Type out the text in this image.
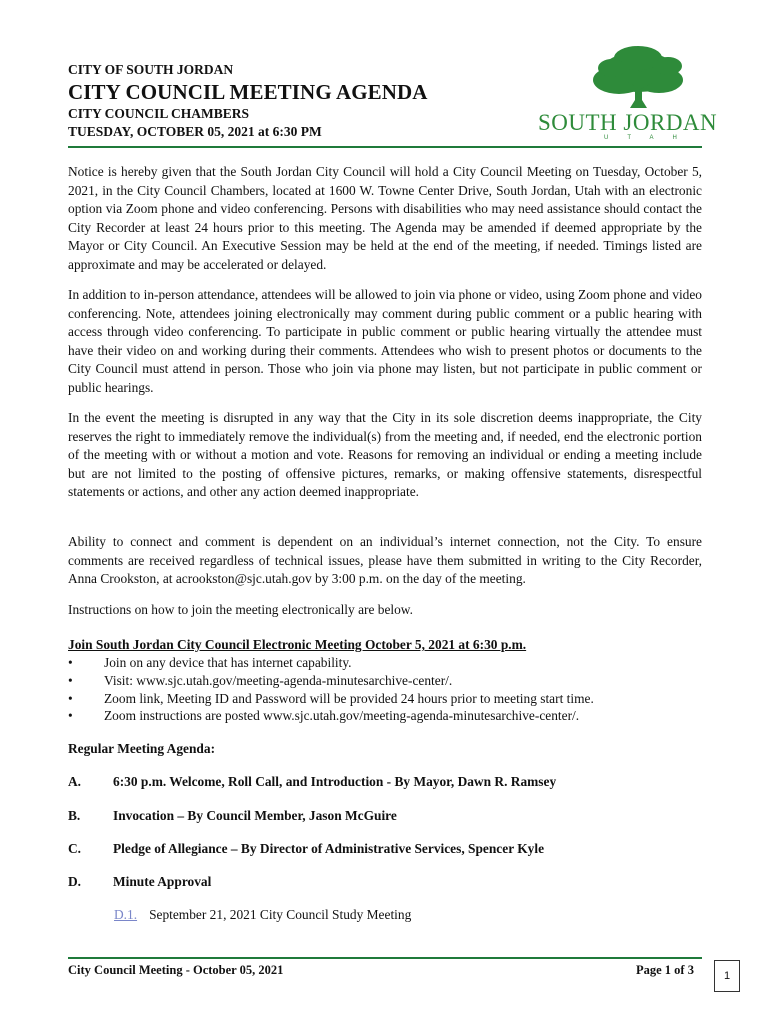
CITY OF SOUTH JORDAN
CITY COUNCIL MEETING AGENDA
CITY COUNCIL CHAMBERS
TUESDAY, OCTOBER 05, 2021 at 6:30 PM	SOUTH JORDAN
UTAH
Notice is hereby given that the South Jordan City Council will hold a City Council Meeting on Tuesday, October 5, 2021, in the City Council Chambers, located at 1600 W. Towne Center Drive, South Jordan, Utah with an electronic option via Zoom phone and video conferencing. Persons with disabilities who may need assistance should contact the City Recorder at least 24 hours prior to this meeting. The Agenda may be amended if deemed appropriate by the Mayor or City Council. An Executive Session may be held at the end of the meeting, if needed. Timings listed are approximate and may be accelerated or delayed.
In addition to in-person attendance, attendees will be allowed to join via phone or video, using Zoom phone and video conferencing. Note, attendees joining electronically may comment during public comment or a public hearing with access through video conferencing. To participate in public comment or public hearing virtually the attendee must have their video on and working during their comments. Attendees who wish to present photos or documents to the City Council must attend in person. Those who join via phone may listen, but not participate in public comment or public hearings.
In the event the meeting is disrupted in any way that the City in its sole discretion deems inappropriate, the City reserves the right to immediately remove the individual(s) from the meeting and, if needed, end the electronic portion of the meeting with or without a motion and vote. Reasons for removing an individual or ending a meeting include but are not limited to the posting of offensive pictures, remarks, or making offensive statements, disrespectful statements or actions, and other any action deemed inappropriate.
Ability to connect and comment is dependent on an individual’s internet connection, not the City. To ensure comments are received regardless of technical issues, please have them submitted in writing to the City Recorder, Anna Crookston, at acrookston@sjc.utah.gov by 3:00 p.m. on the day of the meeting.
Instructions on how to join the meeting electronically are below.
Join South Jordan City Council Electronic Meeting October 5, 2021 at 6:30 p.m.
• Join on any device that has internet capability.
• Visit: www.sjc.utah.gov/meeting-agenda-minutesarchive-center/.
• Zoom link, Meeting ID and Password will be provided 24 hours prior to meeting start time.
• Zoom instructions are posted www.sjc.utah.gov/meeting-agenda-minutesarchive-center/.
Regular Meeting Agenda:
A. 6:30 p.m. Welcome, Roll Call, and Introduction - By Mayor, Dawn R. Ramsey
B. Invocation – By Council Member, Jason McGuire
C. Pledge of Allegiance – By Director of Administrative Services, Spencer Kyle
D. Minute Approval
D.1. September 21, 2021 City Council Study Meeting
City Council Meeting - October 05, 2021	Page 1 of 3	1
